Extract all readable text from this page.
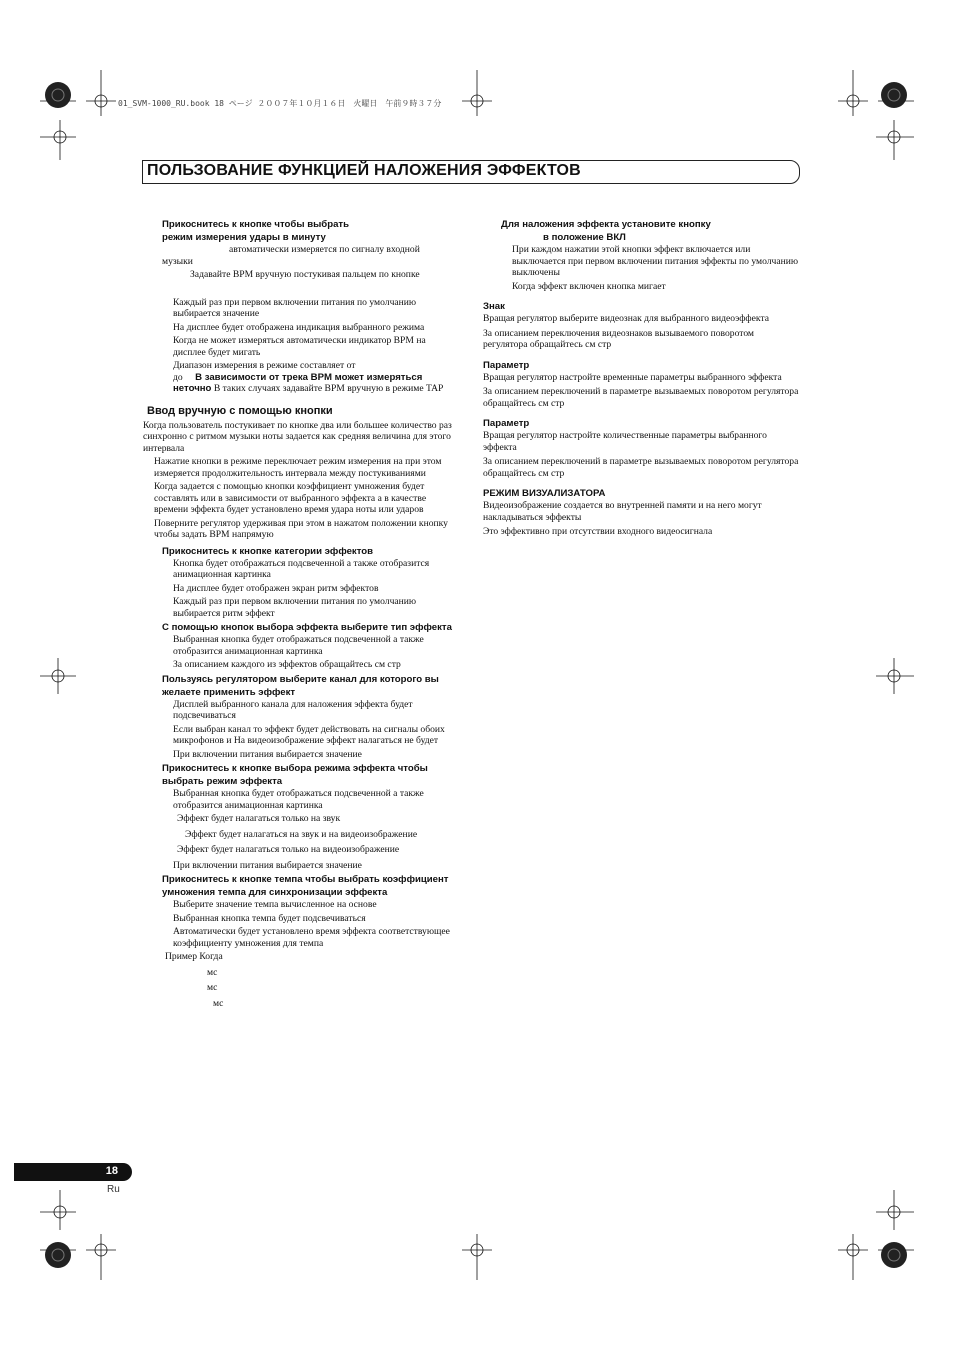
01_SVM-1000_RU.book 18 ページ ２００７年１０月１６日　火曜日　午前９時３７分
ПОЛЬЗОВАНИЕ ФУНКЦИЕЙ НАЛОЖЕНИЯ ЭФФЕКТОВ
Прикоснитесь к кнопке чтобы выбрать
режим измерения удары в минуту
автоматически измеряется по сигналу входной
музыки
Задавайте BPM вручную постукивая пальцем по кнопке
Каждый раз при первом включении питания по умолчанию выбирается значение
На дисплее будет отображена индикация выбранного режима
Когда не может измеряться автоматически индикатор BPM на дисплее будет мигать
Диапазон измерения в режиме составляет от
до В зависимости от трека BPM может измеряться неточно В таких случаях задавайте BPM вручную в режиме TAP
Ввод вручную с помощью кнопки
Когда пользователь постукивает по кнопке два или большее количество раз синхронно с ритмом музыки ноты задается как средняя величина для этого интервала
Нажатие кнопки в режиме переключает режим измерения на при этом измеряется продолжительность интервала между постукиваниями
Когда задается с помощью кнопки коэффициент умножения будет составлять или в зависимости от выбранного эффекта а в качестве времени эффекта будет установлено время удара ноты или ударов
Поверните регулятор удерживая при этом в нажатом положении кнопку чтобы задать BPM напрямую
Прикоснитесь к кнопке категории эффектов
Кнопка будет отображаться подсвеченной а также отобразится анимационная картинка
На дисплее будет отображен экран ритм эффектов
Каждый раз при первом включении питания по умолчанию выбирается ритм эффект
С помощью кнопок выбора эффекта выберите тип эффекта
Выбранная кнопка будет отображаться подсвеченной а также отобразится анимационная картинка
За описанием каждого из эффектов обращайтесь см стр
Пользуясь регулятором выберите канал для которого вы желаете применить эффект
Дисплей выбранного канала для наложения эффекта будет подсвечиваться
Если выбран канал то эффект будет действовать на сигналы обоих микрофонов и На видеоизображение эффект налагаться не будет
При включении питания выбирается значение
Прикоснитесь к кнопке выбора режима эффекта чтобы выбрать режим эффекта
Выбранная кнопка будет отображаться подсвеченной а также отобразится анимационная картинка
Эффект будет налагаться только на звук
Эффект будет налагаться на звук и на видеоизображение
Эффект будет налагаться только на видеоизображение
При включении питания выбирается значение
Прикоснитесь к кнопке темпа чтобы выбрать коэффициент умножения темпа для синхронизации эффекта
Выберите значение темпа вычисленное на основе
Выбранная кнопка темпа будет подсвечиваться
Автоматически будет установлено время эффекта соответствующее коэффициенту умножения для темпа
Пример Когда
мс
мс
мс
Для наложения эффекта установите кнопку
в положение ВКЛ
При каждом нажатии этой кнопки эффект включается или выключается при первом включении питания эффекты по умолчанию выключены
Когда эффект включен кнопка мигает
Знак
Вращая регулятор выберите видеознак для выбранного видеоэффекта
За описанием переключения видеознаков вызываемого поворотом регулятора обращайтесь см стр
Параметр
Вращая регулятор настройте временные параметры выбранного эффекта
За описанием переключений в параметре вызываемых поворотом регулятора обращайтесь см стр
Параметр
Вращая регулятор настройте количественные параметры выбранного эффекта
За описанием переключений в параметре вызываемых поворотом регулятора обращайтесь см стр
РЕЖИМ ВИЗУАЛИЗАТОРА
Видеоизображение создается во внутренней памяти и на него могут накладываться эффекты
Это эффективно при отсутствии входного видеосигнала
18
Ru
